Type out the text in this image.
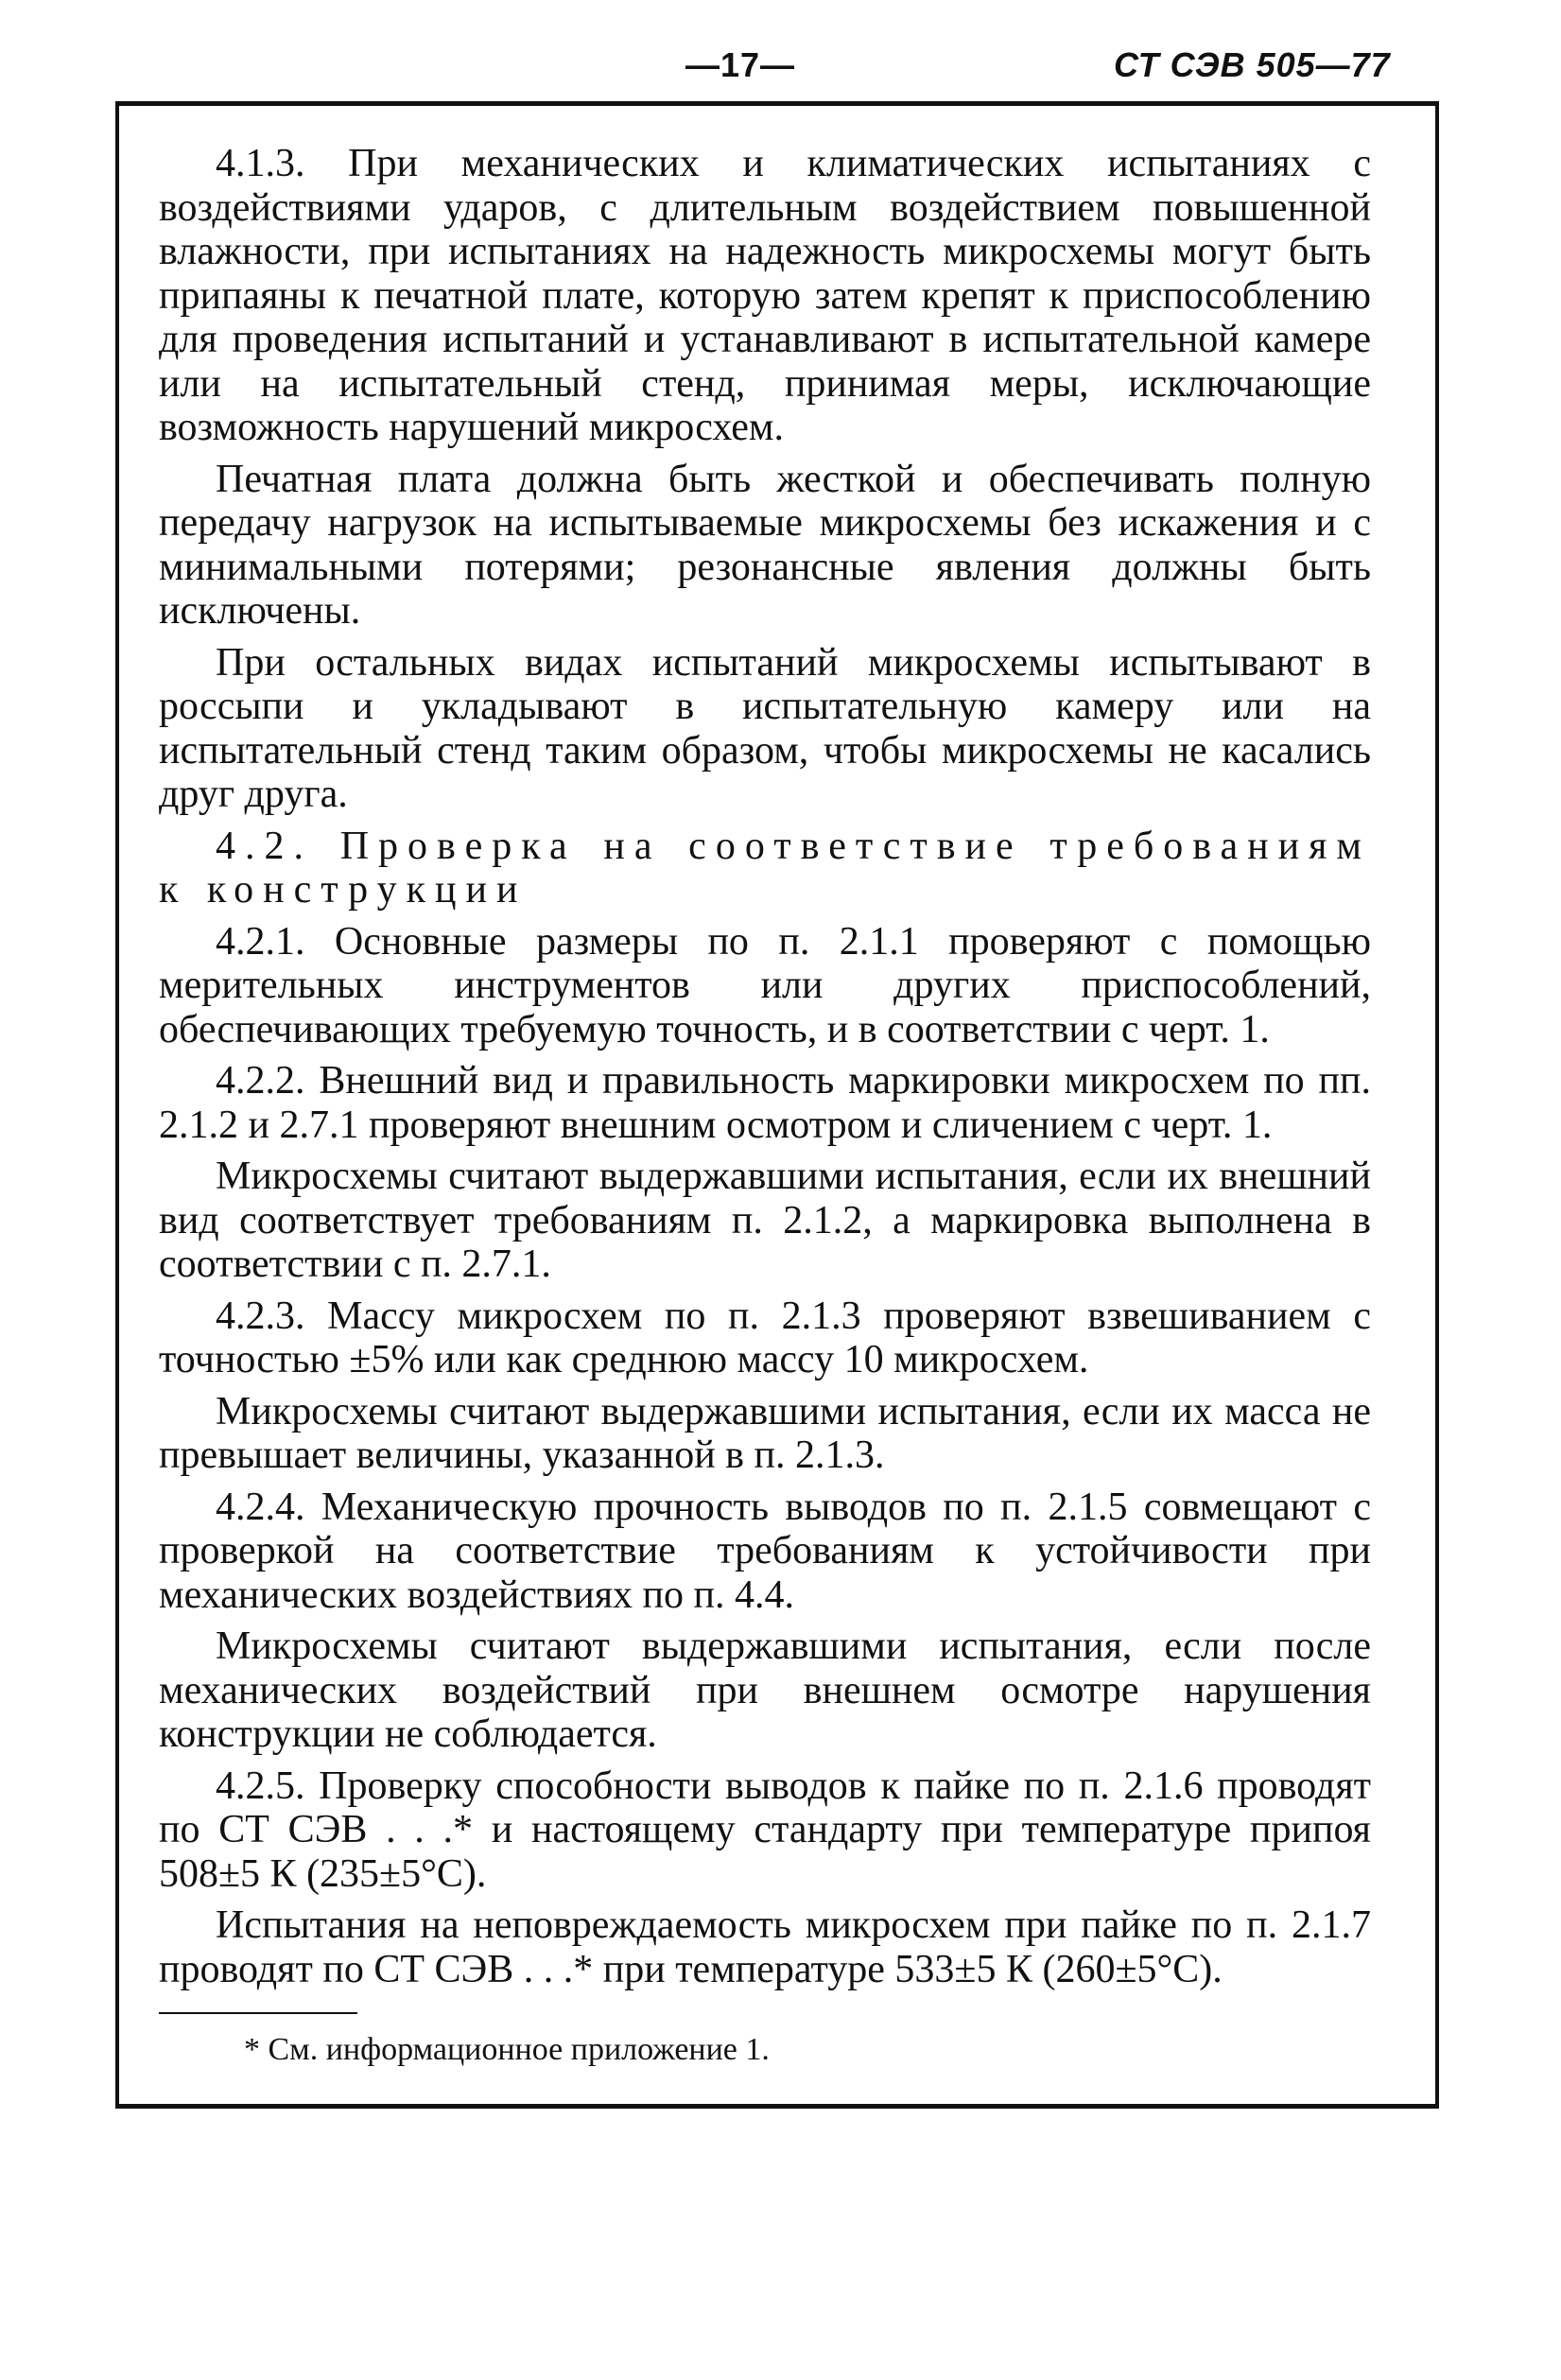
—17—	СТ СЭВ 505—77

4.1.3. При механических и климатических испытаниях с воздействиями ударов, с длительным воздействием повышенной влажности, при испытаниях на надежность микросхемы могут быть припаяны к печатной плате, которую затем крепят к приспособлению для проведения испытаний и устанавливают в испытательной камере или на испытательный стенд, принимая меры, исключающие возможность нарушений микросхем.

Печатная плата должна быть жесткой и обеспечивать полную передачу нагрузок на испытываемые микросхемы без искажения и с минимальными потерями; резонансные явления должны быть исключены.

При остальных видах испытаний микросхемы испытывают в россыпи и укладывают в испытательную камеру или на испытательный стенд таким образом, чтобы микросхемы не касались друг друга.

4.2. Проверка на соответствие требованиям к конструкции

4.2.1. Основные размеры по п. 2.1.1 проверяют с помощью мерительных инструментов или других приспособлений, обеспечивающих требуемую точность, и в соответствии с черт. 1.

4.2.2. Внешний вид и правильность маркировки микросхем по пп. 2.1.2 и 2.7.1 проверяют внешним осмотром и сличением с черт. 1.

Микросхемы считают выдержавшими испытания, если их внешний вид соответствует требованиям п. 2.1.2, а маркировка выполнена в соответствии с п. 2.7.1.

4.2.3. Массу микросхем по п. 2.1.3 проверяют взвешиванием с точностью ±5% или как среднюю массу 10 микросхем.

Микросхемы считают выдержавшими испытания, если их масса не превышает величины, указанной в п. 2.1.3.

4.2.4. Механическую прочность выводов по п. 2.1.5 совмещают с проверкой на соответствие требованиям к устойчивости при механических воздействиях по п. 4.4.

Микросхемы считают выдержавшими испытания, если после механических воздействий при внешнем осмотре нарушения конструкции не соблюдается.

4.2.5. Проверку способности выводов к пайке по п. 2.1.6 проводят по СТ СЭВ . . .* и настоящему стандарту при температуре припоя 508±5 К (235±5°С).

Испытания на неповреждаемость микросхем при пайке по п. 2.1.7 проводят по СТ СЭВ . . .* при температуре 533±5 К (260±5°С).

* См. информационное приложение 1.
